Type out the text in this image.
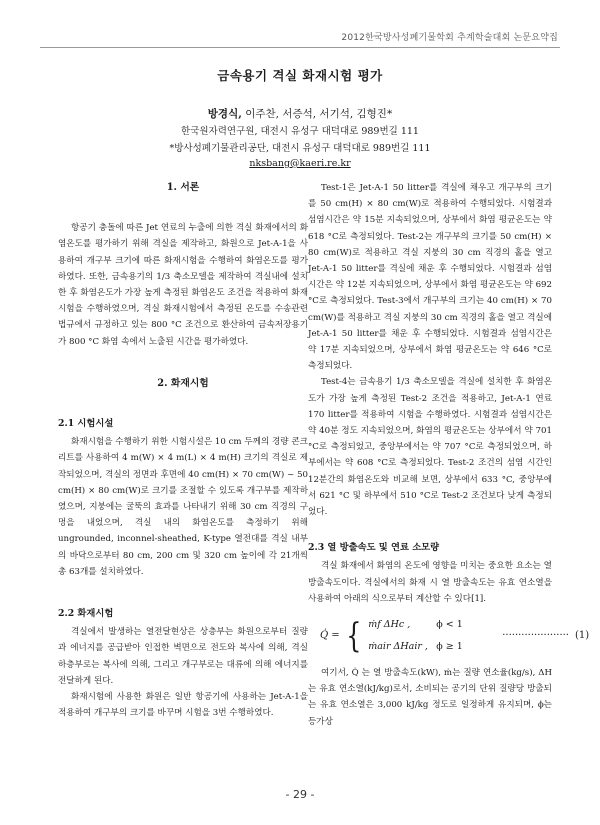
2012한국방사성폐기물학회 추계학술대회 논문요약집
금속용기 격실 화재시험 평가
방경식, 이주찬, 서증석, 서기석, 김형진*
한국원자력연구원, 대전시 유성구 대덕대로 989번길 111
*방사성폐기물관리공단, 대전시 유성구 대덕대로 989번길 111
nksbang@kaeri.re.kr
1. 서론

항공기 충돌에 따른 Jet 연료의 누출에 의한 격실 화재에서의 화염온도를 평가하기 위해 격실을 제작하고, 화원으로 Jet-A-1을 사용하여 개구부 크기에 따른 화재시험을 수행하여 화염온도를 평가하였다. 또한, 금속용기의 1/3 축소모델을 제작하여 격실내에 설치한 후 화염온도가 가장 높게 측정된 화염온도 조건을 적용하여 화재시험을 수행하였으며, 격실 화재시험에서 측정된 온도를 수송관련 법규에서 규정하고 있는 800 °C 조건으로 환산하여 금속저장용기가 800 °C 화염 속에서 노출된 시간을 평가하였다.

2. 화재시험
2.1 시험시설

화재시험을 수행하기 위한 시험시설은 10 cm 두께의 경량 콘크리트를 사용하여 4 m(W) × 4 m(L) × 4 m(H) 크기의 격실로 제작되었으며, 격실의 정면과 후면에 40 cm(H) × 70 cm(W) ~ 50 cm(H) × 80 cm(W)로 크기를 조절할 수 있도록 개구부를 제작하였으며, 지붕에는 굴뚝의 효과를 나타내기 위해 30 cm 직경의 구멍을 내었으며, 격실 내의 화염온도를 측정하기 위해 ungrounded, inconnel-sheathed, K-type 열전대를 격실 내부의 바닥으로부터 80 cm, 200 cm 및 320 cm 높이에 각 21개씩 총 63개를 설치하였다.

2.2 화재시험

격실에서 발생하는 열전달현상은 상층부는 화원으로부터 질량과 에너지를 공급받아 인접한 벽면으로 전도와 복사에 의해, 격실 하층부로는 복사에 의해, 그리고 개구부로는 대류에 의해 에너지를 전달하게 된다.

화재시험에 사용한 화원은 일반 항공기에 사용하는 Jet-A-1을 적용하여 개구부의 크기를 바꾸며 시험을 3번 수행하였다.

Test-1은 Jet-A-1 50 litter를 격실에 채우고 개구부의 크기를 50 cm(H) × 80 cm(W)로 적용하여 수행되었다. 시험결과 섬염시간은 약 15분 지속되었으며, 상부에서 화염 평균온도는 약 618 °C로 측정되었다. Test-2는 개구부의 크기를 50 cm(H) × 80 cm(W)로 적용하고 격실 지붕의 30 cm 직경의 홀을 열고 Jet-A-1 50 litter를 격실에 채운 후 수행되었다. 시험결과 섬염시간은 약 12분 지속되었으며, 상부에서 화염 평균온도는 약 692 °C로 측정되었다. Test-3에서 개구부의 크기는 40 cm(H) × 70 cm(W)를 적용하고 격실 지붕의 30 cm 직경의 홀을 열고 격실에 Jet-A-1 50 litter를 채운 후 수행되었다. 시험결과 섬염시간은 약 17분 지속되었으며, 상부에서 화염 평균온도는 약 646 °C로 측정되었다.

Test-4는 금속용기 1/3 축소모델을 격실에 설치한 후 화염온도가 가장 높게 측정된 Test-2 조건을 적용하고, Jet-A-1 연료 170 litter를 적용하여 시험을 수행하였다. 시험결과 섬염시간은 약 40분 정도 지속되었으며, 화염의 평균온도는 상부에서 약 701 °C로 측정되었고, 중앙부에서는 약 707 °C로 측정되었으며, 하부에서는 약 608 °C로 측정되었다. Test-2 조건의 섬염 시간인 12분간의 화염온도와 비교해 보면, 상부에서 633 °C, 중앙부에서 621 °C 및 하부에서 510 °C로 Test-2 조건보다 낮게 측정되었다.

2.3 열 방출속도 및 연료 소모량

격실 화재에서 화염의 온도에 영향을 미치는 중요한 요소는 열 방출속도이다. 격실에서의 화재 시 열 방출속도는 유효 연소열을 사용하여 아래의 식으로부터 계산할 수 있다[1].

Q̇ = { ṁf ΔHc ,	ϕ < 1
ṁair ΔHair , ϕ ≥ 1
····················· (1)

여기서, Q̇ 는 열 방출속도(kW), ṁ는 질량 연소율(kg/s), ΔH는 유효 연소열(kJ/kg)로서, 소비되는 공기의 단위 질량당 방출되는 유효 연소열은 3,000 kJ/kg 정도로 일정하게 유지되며, ϕ는 등가상

- 29 -
